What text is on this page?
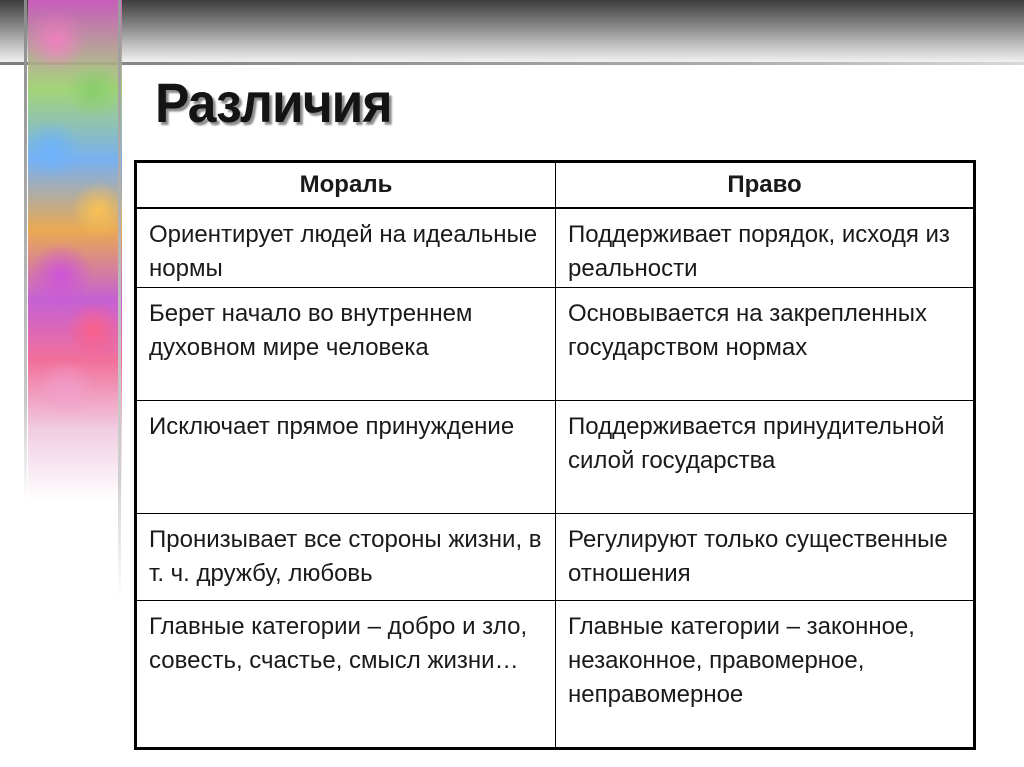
Различия
Мораль	Право
Ориентирует людей на идеальные нормы	Поддерживает порядок, исходя из реальности
Берет начало во внутреннем духовном мире человека	Основывается на закрепленных государством нормах
Исключает прямое принуждение	Поддерживается принудительной силой государства
Пронизывает все стороны жизни, в т. ч. дружбу, любовь	Регулируют только существенные отношения
Главные категории – добро и зло, совесть, счастье, смысл жизни…	Главные категории – законное, незаконное, правомерное, неправомерное
